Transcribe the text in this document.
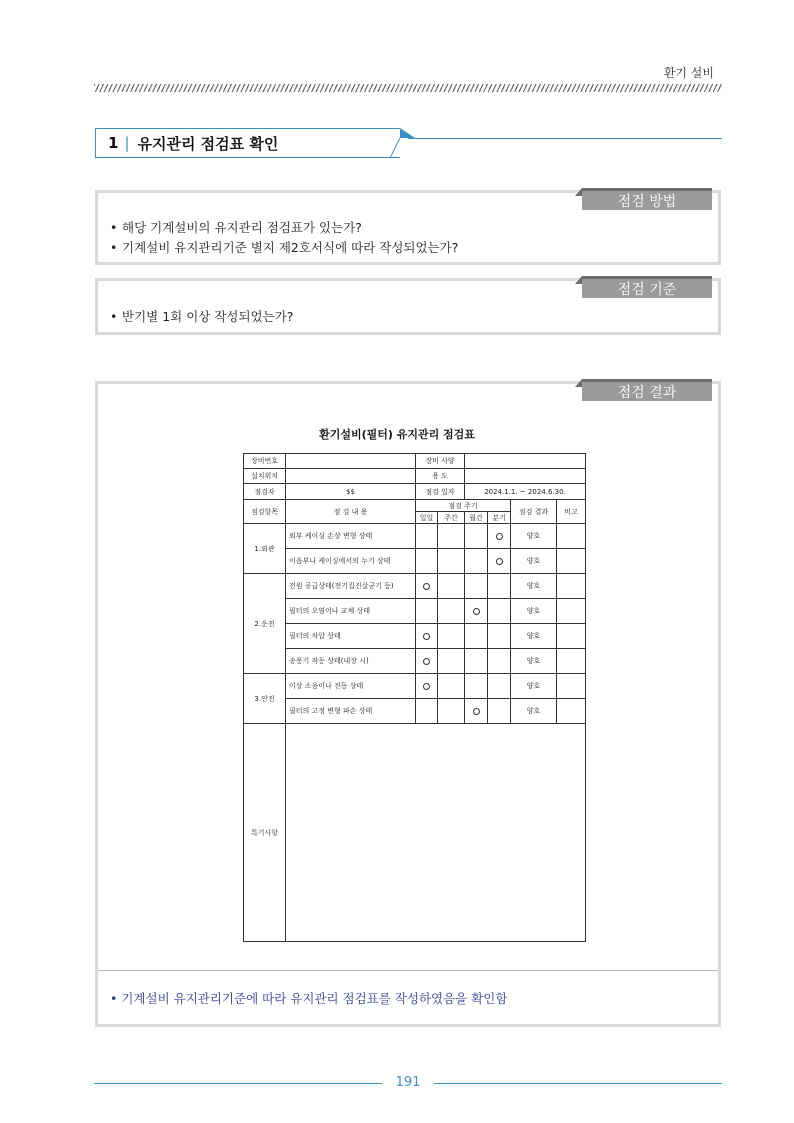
환기 설비
1 | 유지관리 점검표 확인
점검 방법
• 해당 기계설비의 유지관리 점검표가 있는가?
• 기계설비 유지관리기준 별지 제2호서식에 따라 작성되었는가?
점검 기준
• 반기별 1회 이상 작성되었는가?
점검 결과
환기설비(필터) 유지관리 점검표
장비번호		장비 사양					
설치위치		용 도					
점검자	$$	점검 일자		2024.1.1. ~ 2024.6.30.			
점검항목	점 검 내 용	점검 주기				점검 결과	비고
		일일	주간	월간	분기		
1.외관	외부 케이싱 손상 변형 상태					양호	
	이음부나 케이싱에서의 누기 상태					양호	
2.운전	전원 공급상태(전기집진살균기 등)					양호	
	필터의 오염이나 교체 상태					양호	
	필터의 차압 상태					양호	
	송풍기 작동 상태(내장 시)					양호	
3.안전	이상 소음이나 진동 상태					양호	
	필터의 고정 변형 파손 상태					양호	
특기사항							
• 기계설비 유지관리기준에 따라 유지관리 점검표를 작성하였음을 확인함
191
